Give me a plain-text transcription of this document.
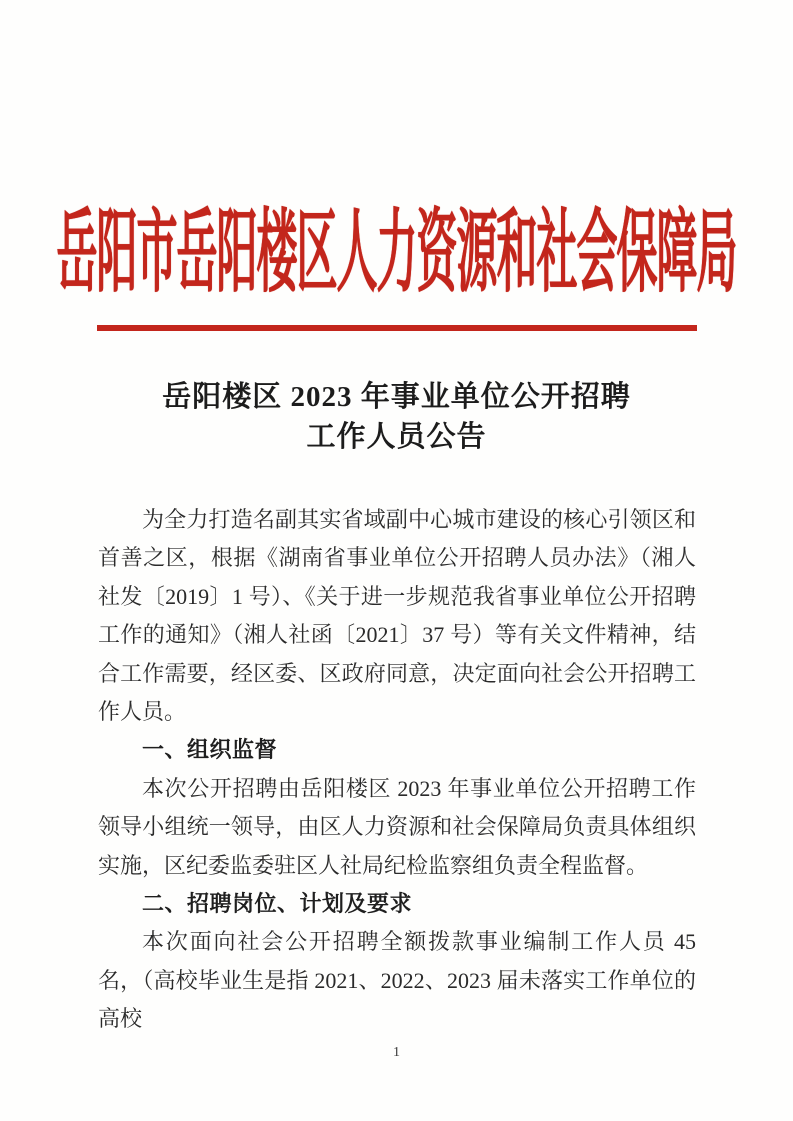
岳阳市岳阳楼区人力资源和社会保障局
岳阳楼区 2023 年事业单位公开招聘
工作人员公告

为全力打造名副其实省域副中心城市建设的核心引领区和首善之区，根据《湖南省事业单位公开招聘人员办法》（湘人社发〔2019〕1 号）、《关于进一步规范我省事业单位公开招聘工作的通知》（湘人社函〔2021〕37 号）等有关文件精神，结合工作需要，经区委、区政府同意，决定面向社会公开招聘工作人员。

一、组织监督

本次公开招聘由岳阳楼区 2023 年事业单位公开招聘工作领导小组统一领导，由区人力资源和社会保障局负责具体组织实施，区纪委监委驻区人社局纪检监察组负责全程监督。

二、招聘岗位、计划及要求

本次面向社会公开招聘全额拨款事业编制工作人员 45 名，（高校毕业生是指 2021、2022、2023 届未落实工作单位的高校

1
